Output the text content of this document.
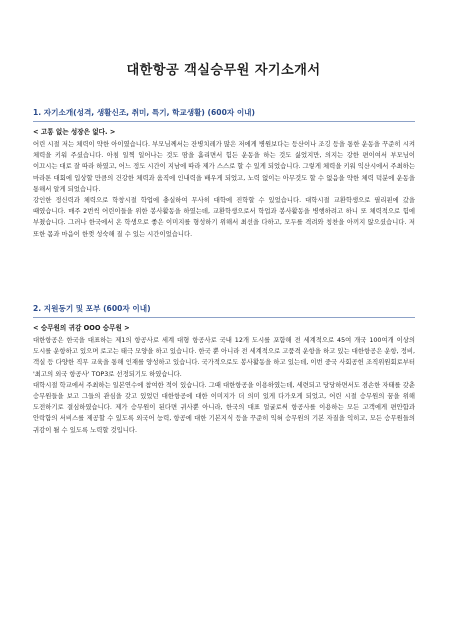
대한항공 객실승무원 자기소개서
1. 자기소개(성격, 생활신조, 취미, 특기, 학교생활) (600자 이내)
< 고통 없는 성장은 없다. >

어린 시절 저는 체력이 약한 아이였습니다. 부모님께서는 잔병치레가 많은 저에게 병원보다는 등산이나 조깅 등을 통한 운동을 꾸준히 시켜 체력을 키워 주셨습니다. 아침 일찍 일어나는 것도 땀을 흘리면서 힘든 운동을 하는 것도 싫었지만, 의지는 강한 편이여서 부모님이 이끄시는 대로 잘 따라 하였고, 어느 정도 시간이 지남에 따라 제가 스스로 할 수 있게 되었습니다. 그렇게 체력을 키워 익산시에서 주최하는 마라톤 대회에 입상할 만큼의 건강한 체력과 움직에 인내력을 배우게 되었고, 노력 없이는 아무것도 할 수 없음을 약한 체력 덕분에 운동을 통해서 알게 되었습니다.

강인한 정신력과 체력으로 학창시절 학업에 충실하여 무사히 대학에 진학할 수 있었습니다. 대학시절 교환학생으로 필리핀에 갔을 때였습니다. 매주 2번씩 어린이들을 위한 봉사활동을 하였는데, 교환학생으로서 학업과 봉사활동을 병행하려고 하니 또 체력적으로 힘에 부쳤습니다. 그러나 한국에서 온 학생으로 좋은 이미지를 형성하기 위해서 최선을 다하고, 모두를 격려와 칭찬을 아끼지 않으셨습니다. 저 또한 몸과 마음이 한껏 성숙해 질 수 있는 시간이었습니다.

2. 지원동기 및 포부 (600자 이내)
< 승무원의 귀감 OOO 승무원 >

대한항공은 한국을 대표하는 제1의 항공사로 세계 대형 항공사로 국내 12개 도시를 포함해 전 세계적으로 45여 개국 100여개 이상의 도시를 운항하고 있으며 로고는 태극 모양을 하고 있습니다. 한국 뿐 아니라 전 세계적으로 고품격 운항을 하고 있는 대한항공은 운항, 정비, 객실 등 다양한 직무 교육을 통해 인재를 양성하고 있습니다. 국가적으로도 봉사활동을 하고 있는데, 이번 중국 사회공헌 조직위원회로부터 '최고의 외국 항공사' TOP3로 선정되기도 하였습니다.

대학시절 학교에서 주최하는 일본연수에 참여한 적이 있습니다. 그때 대한항공을 이용하였는데, 세련되고 당당하면서도 겸손한 자태를 갖춘 승무원들을 보고 그들의 관심을 갖고 있었던 대한항공에 대한 이미지가 더 의미 있게 다가오게 되었고, 어린 시절 승무원의 꿈을 위해 도전하기로 결심하였습니다. 제가 승무원이 된다면 귀사뿐 아니라, 한국의 대표 얼굴로써 항공사를 이용하는 모든 고객에게 편안함과 안락함의 서비스를 제공할 수 있도록 외국어 능력, 항공에 대한 기본지식 등을 꾸준히 익혀 승무원의 기본 자질을 익히고, 모든 승무원들의 귀감이 될 수 있도록 노력할 것입니다.
